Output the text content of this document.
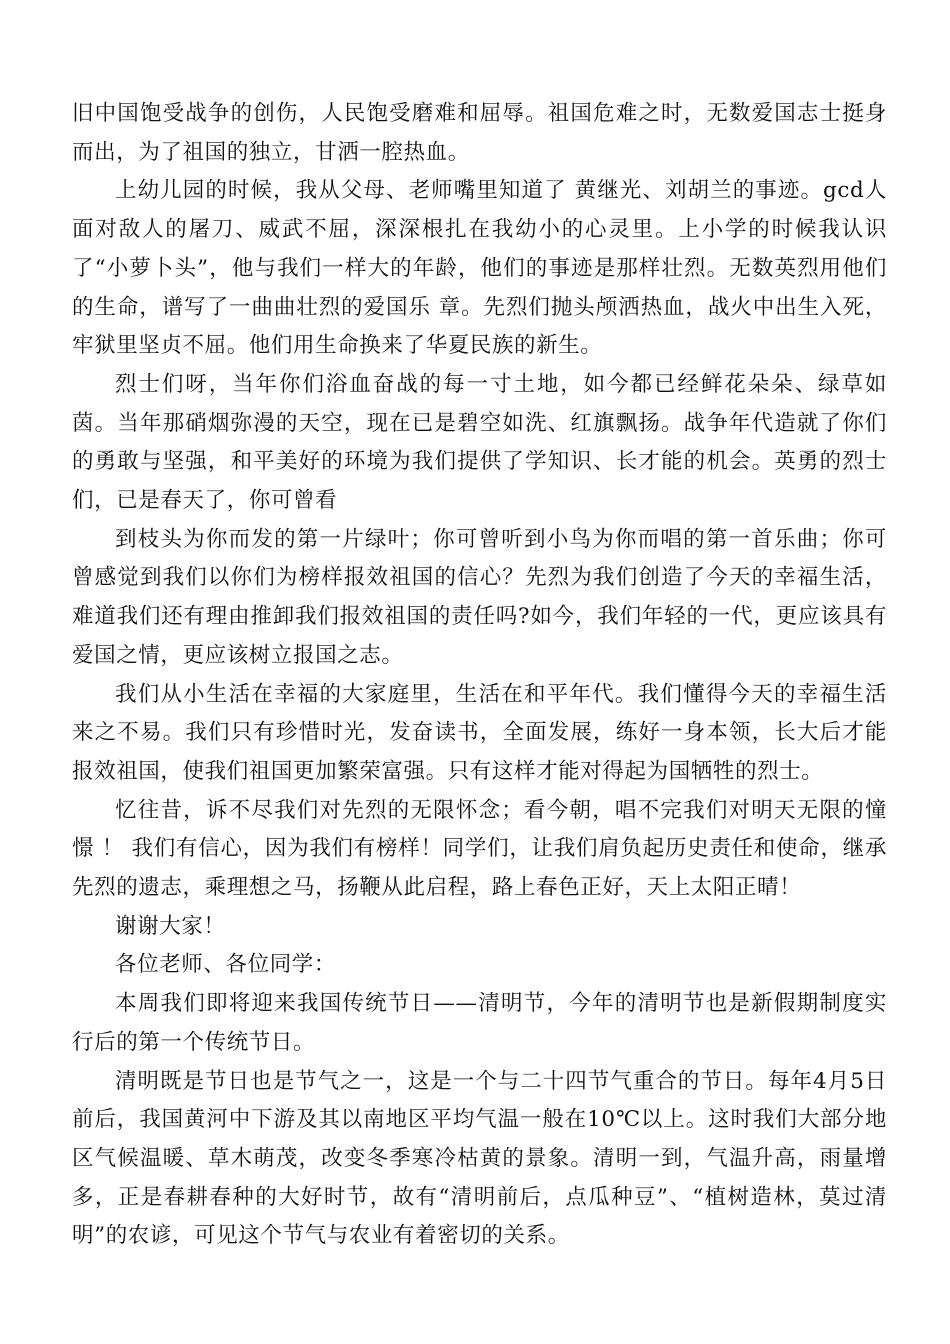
旧中国饱受战争的创伤，人民饱受磨难和屈辱。祖国危难之时，无数爱国志士挺身而出，为了祖国的独立，甘洒一腔热血。

上幼儿园的时候，我从父母、老师嘴里知道了 黄继光、刘胡兰的事迹。gcd人面对敌人的屠刀、威武不屈，深深根扎在我幼小的心灵里。上小学的时候我认识了“小萝卜头”，他与我们一样大的年龄，他们的事迹是那样壮烈。无数英烈用他们的生命，谱写了一曲曲壮烈的爱国乐 章。先烈们抛头颅洒热血，战火中出生入死，牢狱里坚贞不屈。他们用生命换来了华夏民族的新生。

烈士们呀，当年你们浴血奋战的每一寸土地，如今都已经鲜花朵朵、绿草如茵。当年那硝烟弥漫的天空，现在已是碧空如洗、红旗飘扬。战争年代造就了你们的勇敢与坚强，和平美好的环境为我们提供了学知识、长才能的机会。英勇的烈士们，已是春天了，你可曾看

到枝头为你而发的第一片绿叶；你可曾听到小鸟为你而唱的第一首乐曲；你可曾感觉到我们以你们为榜样报效祖国的信心？先烈为我们创造了今天的幸福生活，难道我们还有理由推卸我们报效祖国的责任吗?如今，我们年轻的一代，更应该具有爱国之情，更应该树立报国之志。

我们从小生活在幸福的大家庭里，生活在和平年代。我们懂得今天的幸福生活来之不易。我们只有珍惜时光，发奋读书，全面发展，练好一身本领，长大后才能报效祖国，使我们祖国更加繁荣富强。只有这样才能对得起为国牺牲的烈士。

忆往昔，诉不尽我们对先烈的无限怀念；看今朝，唱不完我们对明天无限的憧憬 ！ 我们有信心，因为我们有榜样！同学们，让我们肩负起历史责任和使命，继承先烈的遗志，乘理想之马，扬鞭从此启程，路上春色正好，天上太阳正晴！

谢谢大家！

各位老师、各位同学：

本周我们即将迎来我国传统节日——清明节，今年的清明节也是新假期制度实行后的第一个传统节日。

清明既是节日也是节气之一，这是一个与二十四节气重合的节日。每年4月5日前后，我国黄河中下游及其以南地区平均气温一般在10℃以上。这时我们大部分地区气候温暖、草木萌茂，改变冬季寒冷枯黄的景象。清明一到，气温升高，雨量增多，正是春耕春种的大好时节，故有“清明前后，点瓜种豆”、“植树造林，莫过清明”的农谚，可见这个节气与农业有着密切的关系。
